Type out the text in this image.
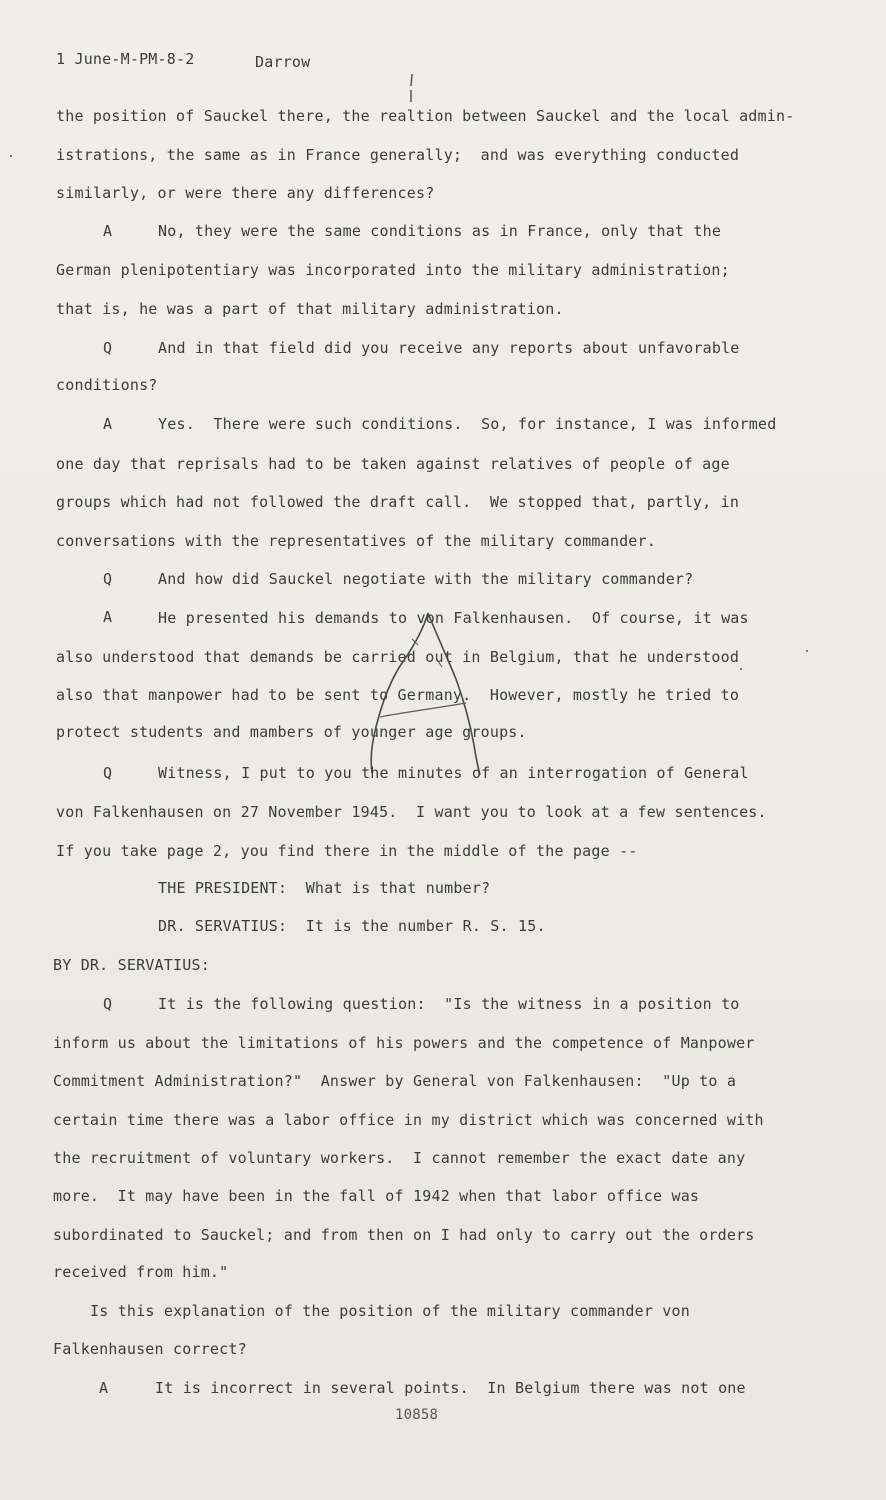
1 June-M-PM-8-2	Darrow
the position of Sauckel there, the realtion between Sauckel and the local admin-
istrations, the same as in France generally;  and was everything conducted
similarly, or were there any differences?
A	No, they were the same conditions as in France, only that the
German plenipotentiary was incorporated into the military administration;
that is, he was a part of that military administration.
Q	And in that field did you receive any reports about unfavorable
conditions?
A	Yes.  There were such conditions.  So, for instance, I was informed
one day that reprisals had to be taken against relatives of people of age
groups which had not followed the draft call.  We stopped that, partly, in
conversations with the representatives of the military commander.
Q	And how did Sauckel negotiate with the military commander?
A	He presented his demands to von Falkenhausen.  Of course, it was
also understood that demands be carried out in Belgium, that he understood
also that manpower had to be sent to Germany.  However, mostly he tried to
protect students and mambers of younger age groups.
Q	Witness, I put to you the minutes of an interrogation of General
von Falkenhausen on 27 November 1945.  I want you to look at a few sentences.
If you take page 2, you find there in the middle of the page --
THE PRESIDENT:  What is that number?
DR. SERVATIUS:  It is the number R. S. 15.
BY DR. SERVATIUS:
Q	It is the following question:  "Is the witness in a position to
inform us about the limitations of his powers and the competence of Manpower
Commitment Administration?"  Answer by General von Falkenhausen:  "Up to a
certain time there was a labor office in my district which was concerned with
the recruitment of voluntary workers.  I cannot remember the exact date any
more.  It may have been in the fall of 1942 when that labor office was
subordinated to Sauckel; and from then on I had only to carry out the orders
received from him."
Is this explanation of the position of the military commander von
Falkenhausen correct?
A	It is incorrect in several points.  In Belgium there was not one
10858
